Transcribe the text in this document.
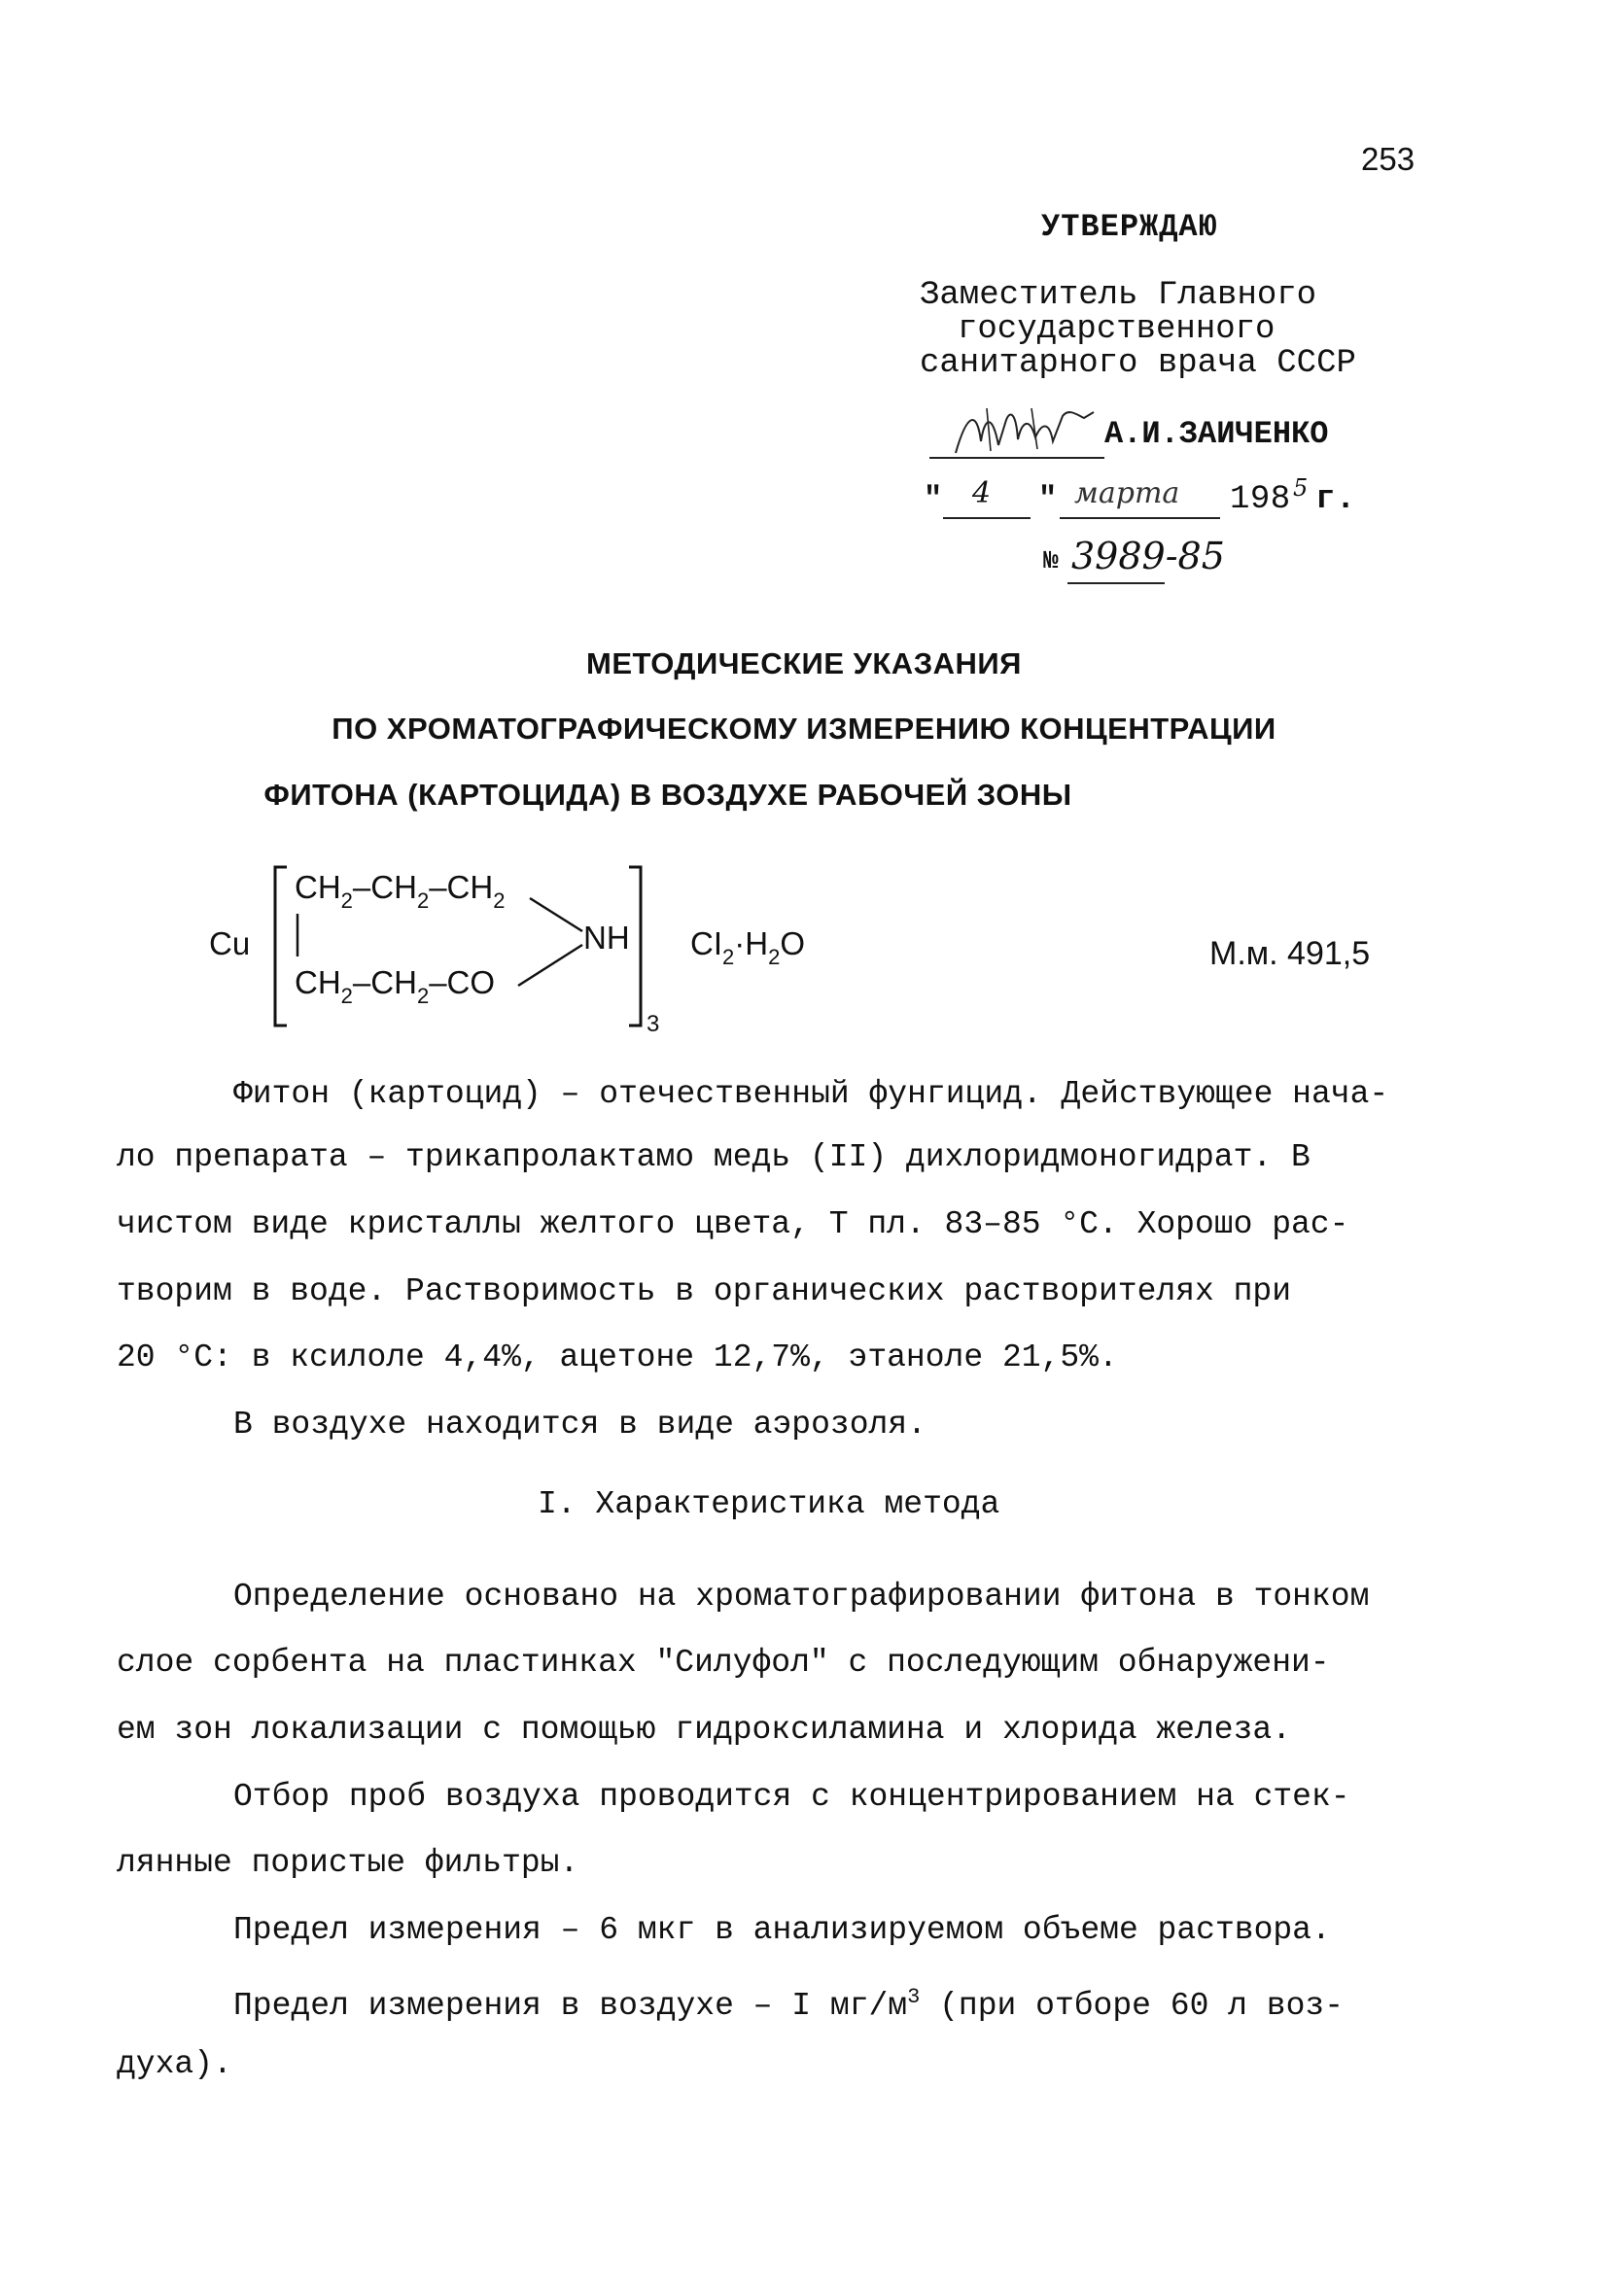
253
УТВЕРЖДАЮ
Заместитель Главного
государственного
санитарного врача СССР
А.И.ЗАИЧЕНКО
" 4 " марта 198 5 г.
№ 3989-85
МЕТОДИЧЕСКИЕ УКАЗАНИЯ
ПО ХРОМАТОГРАФИЧЕСКОМУ ИЗМЕРЕНИЮ КОНЦЕНТРАЦИИ
ФИТОНА (КАРТОЦИДА) В ВОЗДУХЕ РАБОЧЕЙ ЗОНЫ
Cu
$CH_2-CH_2-CH_2$
$CH_2-CH_2-CO$
NH
3
$CI_2\cdot H_2O$	М.м. 491,5
Фитон (картоцид) – отечественный фунгицид. Действующее нача-
ло препарата – трикапролактамо медь (II) дихлоридмоногидрат. В
чистом виде кристаллы желтого цвета, Т пл. 83–85 °С. Хорошо рас-
творим в воде. Растворимость в органических растворителях при
20 °С: в ксилоле 4,4%, ацетоне 12,7%, этаноле 21,5%.
В воздухе находится в виде аэрозоля.
I. Характеристика метода
Определение основано на хроматографировании фитона в тонком
слое сорбента на пластинках "Силуфол" с последующим обнаружени-
ем зон локализации с помощью гидроксиламина и хлорида железа.
Отбор проб воздуха проводится с концентрированием на стек-
лянные пористые фильтры.
Предел измерения – 6 мкг в анализируемом объеме раствора.
Предел измерения в воздухе – I $мг/м^3$ (при отборе 60 л воз-
духа).
